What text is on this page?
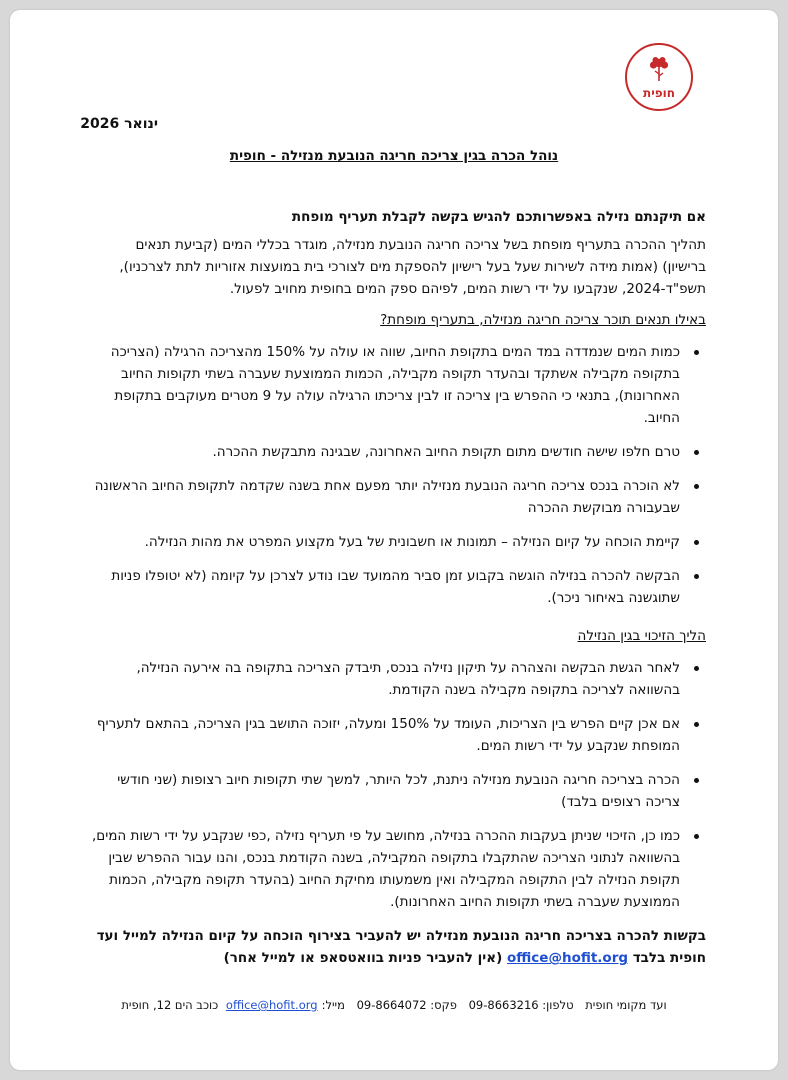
חופית
ינואר 2026
נוהל הכרה בגין צריכה חריגה הנובעת מנזילה - חופית
אם תיקנתם נזילה באפשרותכם להגיש בקשה לקבלת תעריף מופחת
תהליך ההכרה בתעריף מופחת בשל צריכה חריגה הנובעת מנזילה, מוגדר בכללי המים (קביעת תנאים ברישיון) (אמות מידה לשירות שעל בעל רישיון להספקת מים לצורכי בית במועצות אזוריות לתת לצרכניו), תשפ"ד-2024, שנקבעו על ידי רשות המים, לפיהם ספק המים בחופית מחויב לפעול.
באילו תנאים תוכר צריכה חריגה מנזילה, בתעריף מופחת?
כמות המים שנמדדה במד המים בתקופת החיוב, שווה או עולה על 150% מהצריכה הרגילה (הצריכה בתקופה מקבילה אשתקד ובהעדר תקופה מקבילה, הכמות הממוצעת שעברה בשתי תקופות החיוב האחרונות), בתנאי כי ההפרש בין צריכה זו לבין צריכתו הרגילה עולה על 9 מטרים מעוקבים בתקופת החיוב.
טרם חלפו שישה חודשים מתום תקופת החיוב האחרונה, שבגינה מתבקשת ההכרה.
לא הוכרה בנכס צריכה חריגה הנובעת מנזילה יותר מפעם אחת בשנה שקדמה לתקופת החיוב הראשונה שבעבורה מבוקשת ההכרה
קיימת הוכחה על קיום הנזילה – תמונות או חשבונית של בעל מקצוע המפרט את מהות הנזילה.
הבקשה להכרה בנזילה הוגשה בקבוע זמן סביר מהמועד שבו נודע לצרכן על קיומה (לא יטופלו פניות שתוגשנה באיחור ניכר).
הליך הזיכוי בגין הנזילה
לאחר הגשת הבקשה והצהרה על תיקון נזילה בנכס, תיבדק הצריכה בתקופה בה אירעה הנזילה, בהשוואה לצריכה בתקופה מקבילה בשנה הקודמת.
אם אכן קיים הפרש בין הצריכות, העומד על 150% ומעלה, יזוכה התושב בגין הצריכה, בהתאם לתעריף המופחת שנקבע על ידי רשות המים.
הכרה בצריכה חריגה הנובעת מנזילה ניתנת, לכל היותר, למשך שתי תקופות חיוב רצופות (שני חודשי צריכה רצופים בלבד)
כמו כן, הזיכוי שניתן בעקבות ההכרה בנזילה, מחושב על פי תעריף נזילה ,כפי שנקבע על ידי רשות המים, בהשוואה לנתוני הצריכה שהתקבלו בתקופה המקבילה, בשנה הקודמת בנכס, והנו עבור ההפרש שבין תקופת הנזילה לבין התקופה המקבילה ואין משמעותו מחיקת החיוב (בהעדר תקופה מקבילה, הכמות הממוצעת שעברה בשתי תקופות החיוב האחרונות).
בקשות להכרה בצריכה חריגה הנובעת מנזילה יש להעביר בצירוף הוכחה על קיום הנזילה למייל ועד חופית בלבד office@hofit.org (אין להעביר פניות בוואטסאפ או למייל אחר)
ועד מקומי חופית טלפון: 09-8663216 פקס: 09-8664072 מייל:office@hofit.org כוכב הים 12, חופית
